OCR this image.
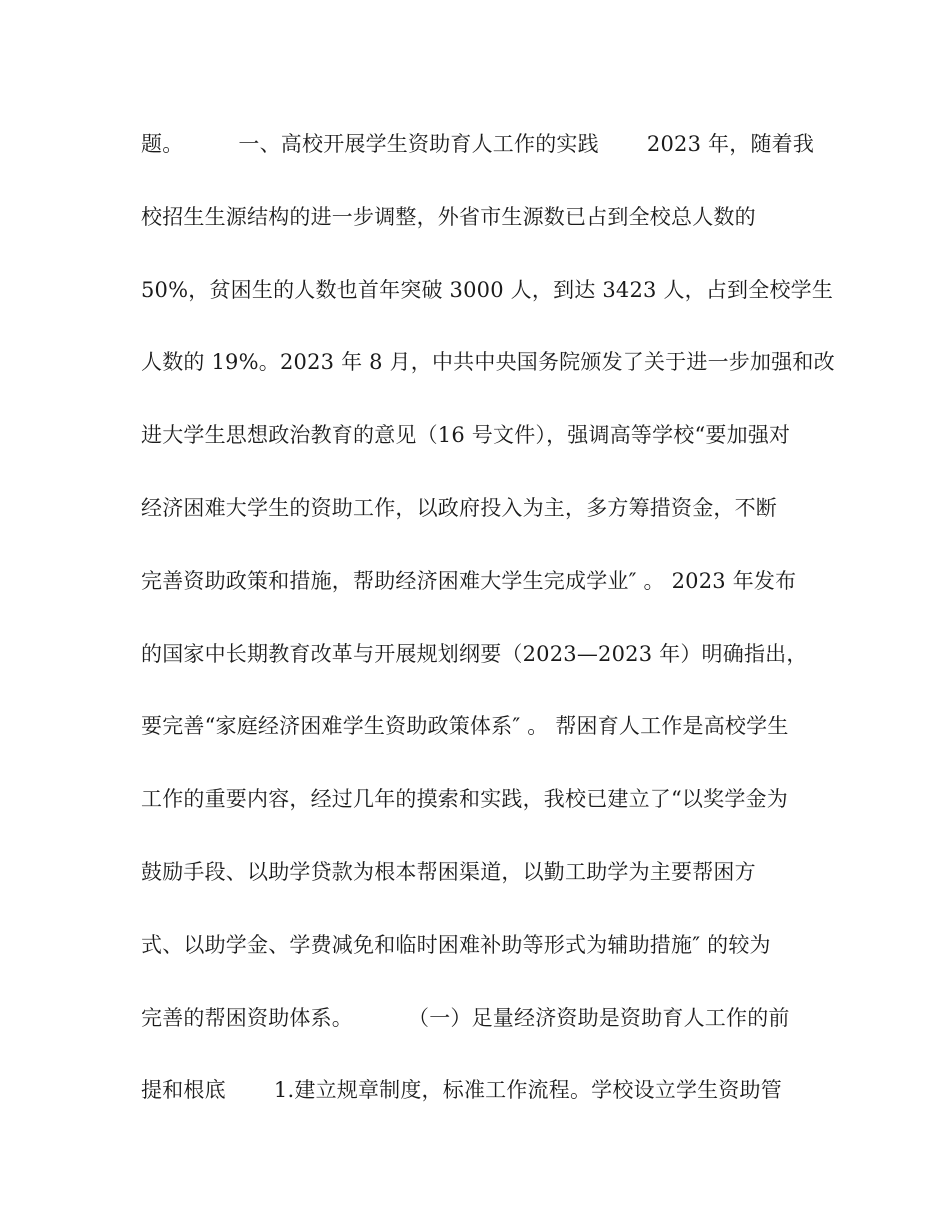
题。        一、高校开展学生资助育人工作的实践       2023 年，随着我
校招生生源结构的进一步调整，外省市生源数已占到全校总人数的
50%，贫困生的人数也首年突破 3000 人，到达 3423 人，占到全校学生
人数的 19%。2023 年 8 月，中共中央国务院颁发了关于进一步加强和改
进大学生思想政治教育的意见（16 号文件），强调高等学校“要加强对
经济困难大学生的资助工作，以政府投入为主，多方筹措资金，不断
完善资助政策和措施，帮助经济困难大学生完成学业″ 。 2023 年发布
的国家中长期教育改革与开展规划纲要（2023—2023 年）明确指出，
要完善“家庭经济困难学生资助政策体系″ 。 帮困育人工作是高校学生
工作的重要内容，经过几年的摸索和实践，我校已建立了“以奖学金为
鼓励手段、以助学贷款为根本帮困渠道，以勤工助学为主要帮困方
式、以助学金、学费减免和临时困难补助等形式为辅助措施″ 的较为
完善的帮困资助体系。        （一）足量经济资助是资助育人工作的前
提和根底       1.建立规章制度，标准工作流程。学校设立学生资助管
